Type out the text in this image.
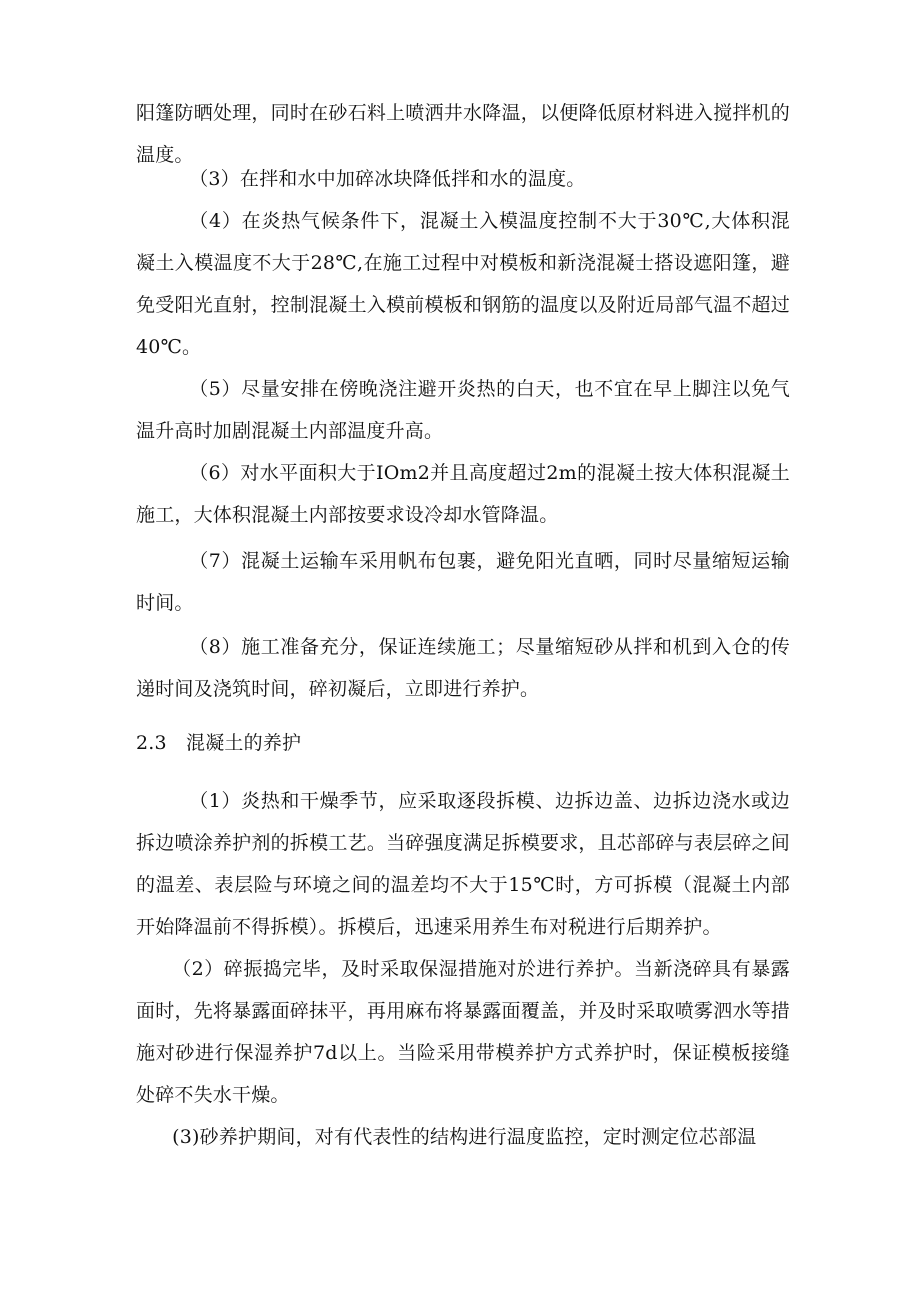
阳篷防晒处理，同时在砂石料上喷洒井水降温，以便降低原材料进入搅拌机的温度。

（3）在拌和水中加碎冰块降低拌和水的温度。

（4）在炎热气候条件下，混凝土入模温度控制不大于30℃,大体积混凝土入模温度不大于28℃,在施工过程中对模板和新浇混凝士搭设遮阳篷，避免受阳光直射，控制混凝土入模前模板和钢筋的温度以及附近局部气温不超过40℃。

（5）尽量安排在傍晚浇注避开炎热的白天，也不宜在早上脚注以免气温升高时加剧混凝土内部温度升高。

（6）对水平面积大于IOm2并且高度超过2m的混凝土按大体积混凝土施工，大体积混凝土内部按要求设冷却水管降温。

（7）混凝土运输车采用帆布包裹，避免阳光直晒，同时尽量缩短运输时间。

（8）施工准备充分，保证连续施工；尽量缩短砂从拌和机到入仓的传递时间及浇筑时间，碎初凝后，立即进行养护。

2.3　混凝土的养护

（1）炎热和干燥季节，应采取逐段拆模、边拆边盖、边拆边浇水或边拆边喷涂养护剂的拆模工艺。当碎强度满足拆模要求，且芯部碎与表层碎之间的温差、表层险与环境之间的温差均不大于15℃时，方可拆模（混凝土内部开始降温前不得拆模）。拆模后，迅速采用养生布对税进行后期养护。

（2）碎振捣完毕，及时采取保湿措施对於进行养护。当新浇碎具有暴露面时，先将暴露面碎抹平，再用麻布将暴露面覆盖，并及时采取喷雾泗水等措施对砂进行保湿养护7d以上。当险采用带模养护方式养护时，保证模板接缝处碎不失水干燥。

(3)砂养护期间，对有代表性的结构进行温度监控，定时测定位芯部温
